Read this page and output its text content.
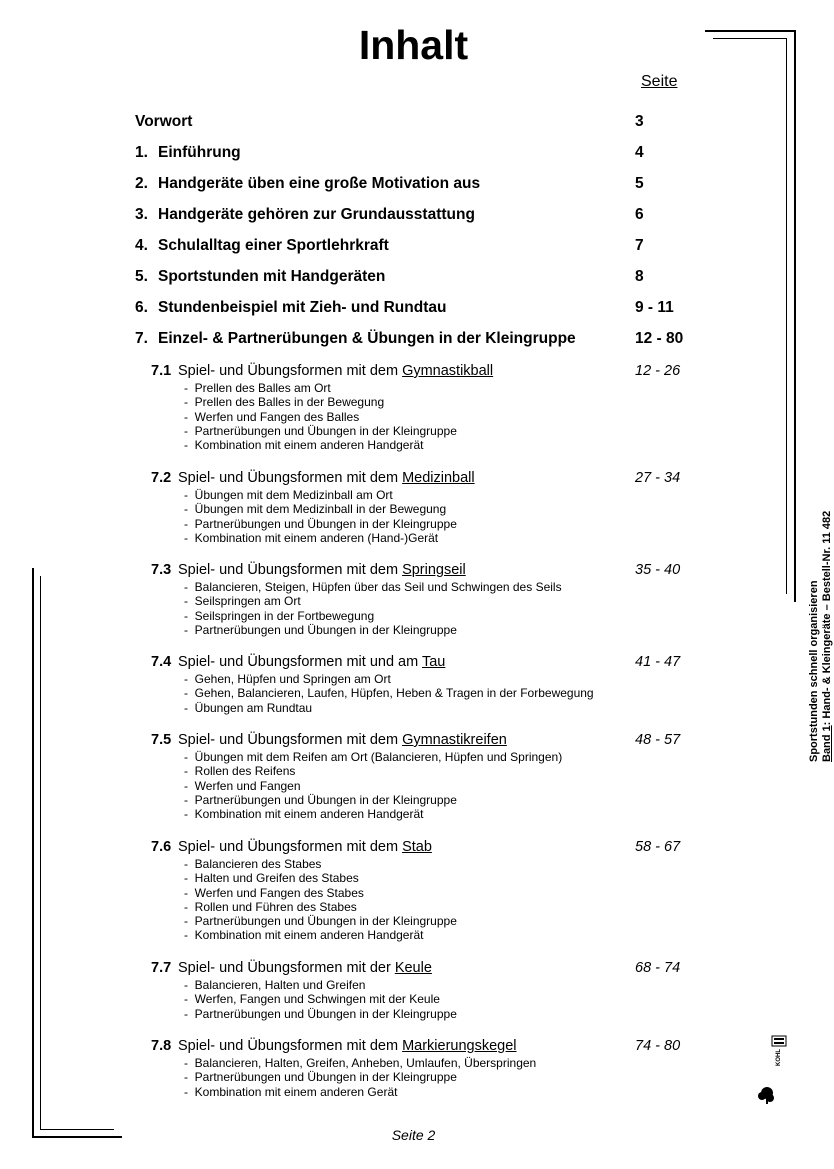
Inhalt
Seite
Vorwort	3
1. Einführung	4
2. Handgeräte üben eine große Motivation aus	5
3. Handgeräte gehören zur Grundausstattung	6
4. Schulalltag einer Sportlehrkraft	7
5. Sportstunden mit Handgeräten	8
6. Stundenbeispiel mit Zieh- und Rundtau	9 - 11
7. Einzel- & Partnerübungen & Übungen in der Kleingruppe	12 - 80
7.1 Spiel- und Übungsformen mit dem Gymnastikball	12 - 26
- Prellen des Balles am Ort
- Prellen des Balles in der Bewegung
- Werfen und Fangen des Balles
- Partnerübungen und Übungen in der Kleingruppe
- Kombination mit einem anderen Handgerät
7.2 Spiel- und Übungsformen mit dem Medizinball	27 - 34
- Übungen mit dem Medizinball am Ort
- Übungen mit dem Medizinball in der Bewegung
- Partnerübungen und Übungen in der Kleingruppe
- Kombination mit einem anderen (Hand-)Gerät
7.3 Spiel- und Übungsformen mit dem Springseil	35 - 40
- Balancieren, Steigen, Hüpfen über das Seil und Schwingen des Seils
- Seilspringen am Ort
- Seilspringen in der Fortbewegung
- Partnerübungen und Übungen in der Kleingruppe
7.4 Spiel- und Übungsformen mit und am Tau	41 - 47
- Gehen, Hüpfen und Springen am Ort
- Gehen, Balancieren, Laufen, Hüpfen, Heben & Tragen in der Forbewegung
- Übungen am Rundtau
7.5 Spiel- und Übungsformen mit dem Gymnastikreifen	48 - 57
- Übungen mit dem Reifen am Ort (Balancieren, Hüpfen und Springen)
- Rollen des Reifens
- Werfen und Fangen
- Partnerübungen und Übungen in der Kleingruppe
- Kombination mit einem anderen Handgerät
7.6 Spiel- und Übungsformen mit dem Stab	58 - 67
- Balancieren des Stabes
- Halten und Greifen des Stabes
- Werfen und Fangen des Stabes
- Rollen und Führen des Stabes
- Partnerübungen und Übungen in der Kleingruppe
- Kombination mit einem anderen Handgerät
7.7 Spiel- und Übungsformen mit der Keule	68 - 74
- Balancieren, Halten und Greifen
- Werfen, Fangen und Schwingen mit der Keule
- Partnerübungen und Übungen in der Kleingruppe
7.8 Spiel- und Übungsformen mit dem Markierungskegel	74 - 80
- Balancieren, Halten, Greifen, Anheben, Umlaufen, Überspringen
- Partnerübungen und Übungen in der Kleingruppe
- Kombination mit einem anderen Gerät
Seite 2
Sportstunden schnell organisieren Band 1: Hand- & Kleingeräte – Bestell-Nr. 11 482
KOHL
